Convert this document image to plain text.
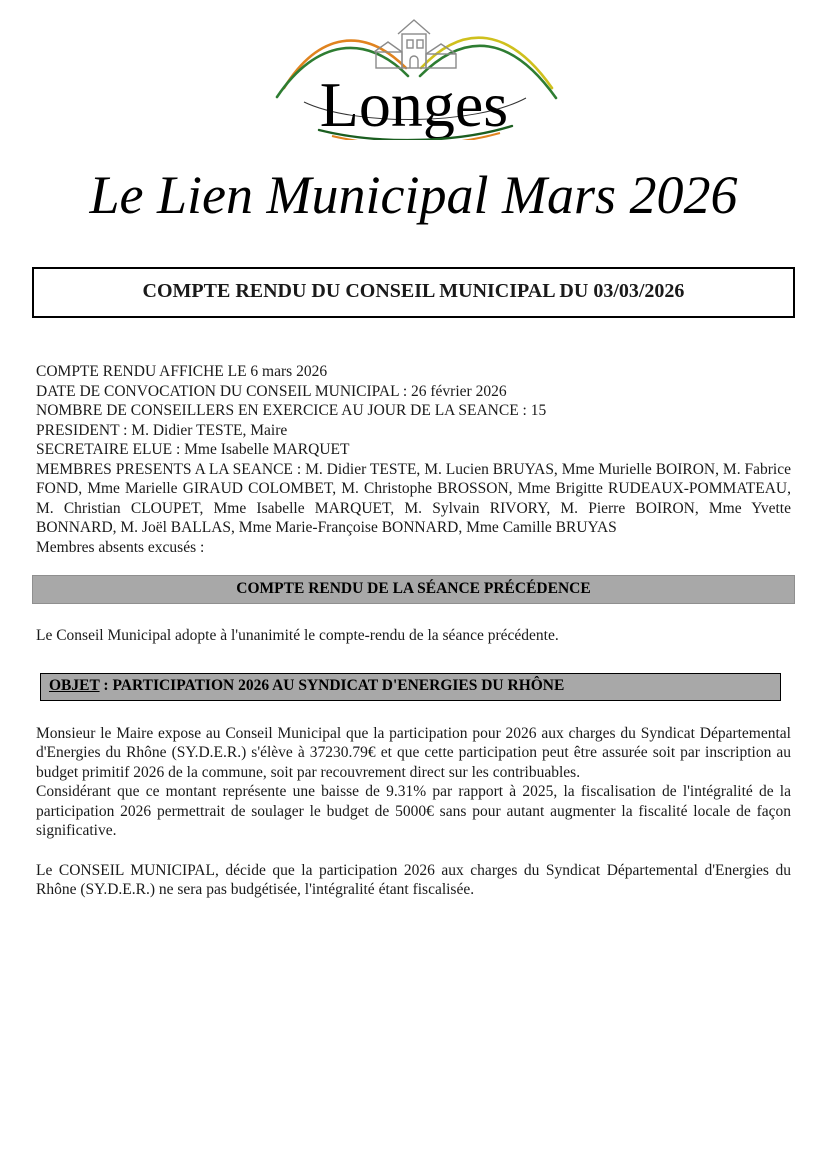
Longes
Le Lien Municipal Mars 2026
COMPTE RENDU DU CONSEIL MUNICIPAL DU 03/03/2026
COMPTE RENDU AFFICHE LE 6 mars 2026
DATE DE CONVOCATION DU CONSEIL MUNICIPAL : 26 février 2026
NOMBRE DE CONSEILLERS EN EXERCICE AU JOUR DE LA SEANCE : 15
PRESIDENT : M. Didier TESTE, Maire
SECRETAIRE ELUE : Mme Isabelle MARQUET
MEMBRES PRESENTS A LA SEANCE : M. Didier TESTE, M. Lucien BRUYAS, Mme Murielle BOIRON, M. Fabrice FOND, Mme Marielle GIRAUD COLOMBET, M. Christophe BROSSON, Mme Brigitte RUDEAUX-POMMATEAU, M. Christian CLOUPET, Mme Isabelle MARQUET, M. Sylvain RIVORY, M. Pierre BOIRON, Mme Yvette BONNARD, M. Joël BALLAS, Mme Marie-Françoise BONNARD, Mme Camille BRUYAS
Membres absents excusés :
COMPTE RENDU DE LA SÉANCE PRÉCÉDENCE
Le Conseil Municipal adopte à l'unanimité le compte-rendu de la séance précédente.
OBJET : PARTICIPATION 2026 AU SYNDICAT D'ENERGIES DU RHÔNE

Monsieur le Maire expose au Conseil Municipal que la participation pour 2026 aux charges du Syndicat Départemental d'Energies du Rhône (SY.D.E.R.) s'élève à 37230.79€ et que cette participation peut être assurée soit par inscription au budget primitif 2026 de la commune, soit par recouvrement direct sur les contribuables.

Considérant que ce montant représente une baisse de 9.31% par rapport à 2025, la fiscalisation de l'intégralité de la participation 2026 permettrait de soulager le budget de 5000€ sans pour autant augmenter la fiscalité locale de façon significative.

Le CONSEIL MUNICIPAL, décide que la participation 2026 aux charges du Syndicat Départemental d'Energies du Rhône (SY.D.E.R.) ne sera pas budgétisée, l'intégralité étant fiscalisée.
